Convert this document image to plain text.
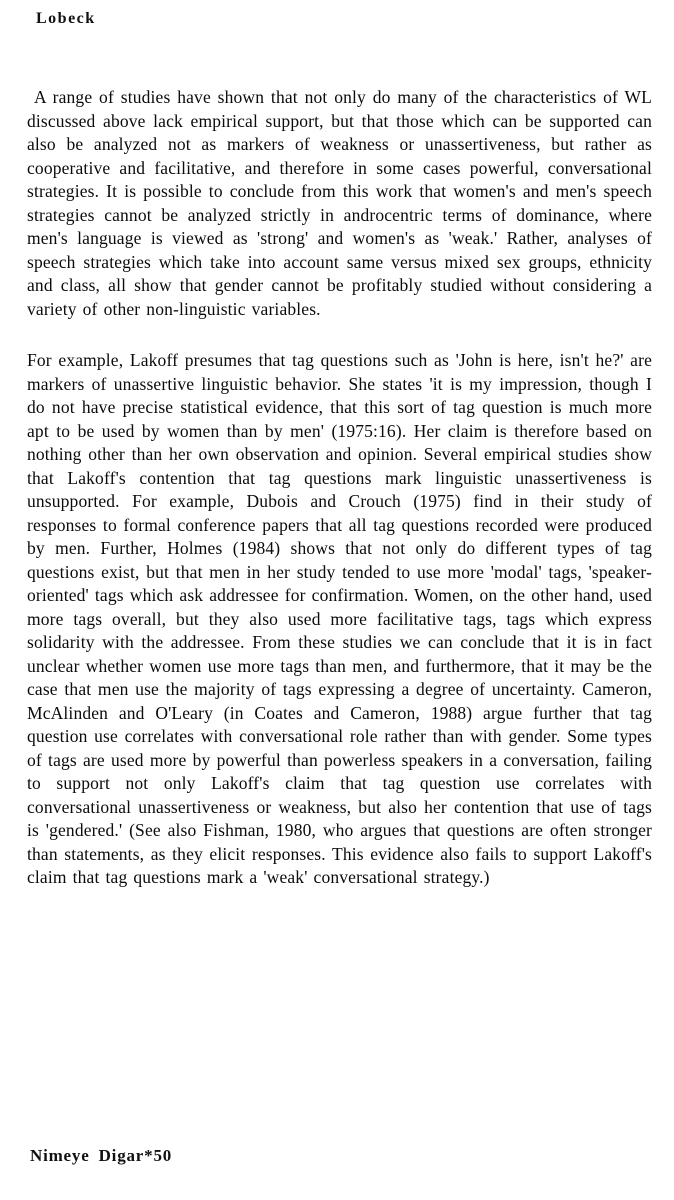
Lobeck

A range of studies have shown that not only do many of the characteristics of WL discussed above lack empirical support, but that those which can be supported can also be analyzed not as markers of weakness or unassertiveness, but rather as cooperative and facilitative, and therefore in some cases powerful, conversational strategies. It is possible to conclude from this work that women's and men's speech strategies cannot be analyzed strictly in androcentric terms of dominance, where men's language is viewed as 'strong' and women's as 'weak.' Rather, analyses of speech strategies which take into account same versus mixed sex groups, ethnicity and class, all show that gender cannot be profitably studied without considering a variety of other non-linguistic variables.

For example, Lakoff presumes that tag questions such as 'John is here, isn't he?' are markers of unassertive linguistic behavior. She states 'it is my impression, though I do not have precise statistical evidence, that this sort of tag question is much more apt to be used by women than by men' (1975:16). Her claim is therefore based on nothing other than her own observation and opinion. Several empirical studies show that Lakoff's contention that tag questions mark linguistic unassertiveness is unsupported. For example, Dubois and Crouch (1975) find in their study of responses to formal conference papers that all tag questions recorded were produced by men. Further, Holmes (1984) shows that not only do different types of tag questions exist, but that men in her study tended to use more 'modal' tags, 'speaker-oriented' tags which ask addressee for confirmation. Women, on the other hand, used more tags overall, but they also used more facilitative tags, tags which express solidarity with the addressee. From these studies we can conclude that it is in fact unclear whether women use more tags than men, and furthermore, that it may be the case that men use the majority of tags expressing a degree of uncertainty. Cameron, McAlinden and O'Leary (in Coates and Cameron, 1988) argue further that tag question use correlates with conversational role rather than with gender. Some types of tags are used more by powerful than powerless speakers in a conversation, failing to support not only Lakoff's claim that tag question use correlates with conversational unassertiveness or weakness, but also her contention that use of tags is 'gendered.' (See also Fishman, 1980, who argues that questions are often stronger than statements, as they elicit responses. This evidence also fails to support Lakoff's claim that tag questions mark a 'weak' conversational strategy.)

Nimeye Digar*50
